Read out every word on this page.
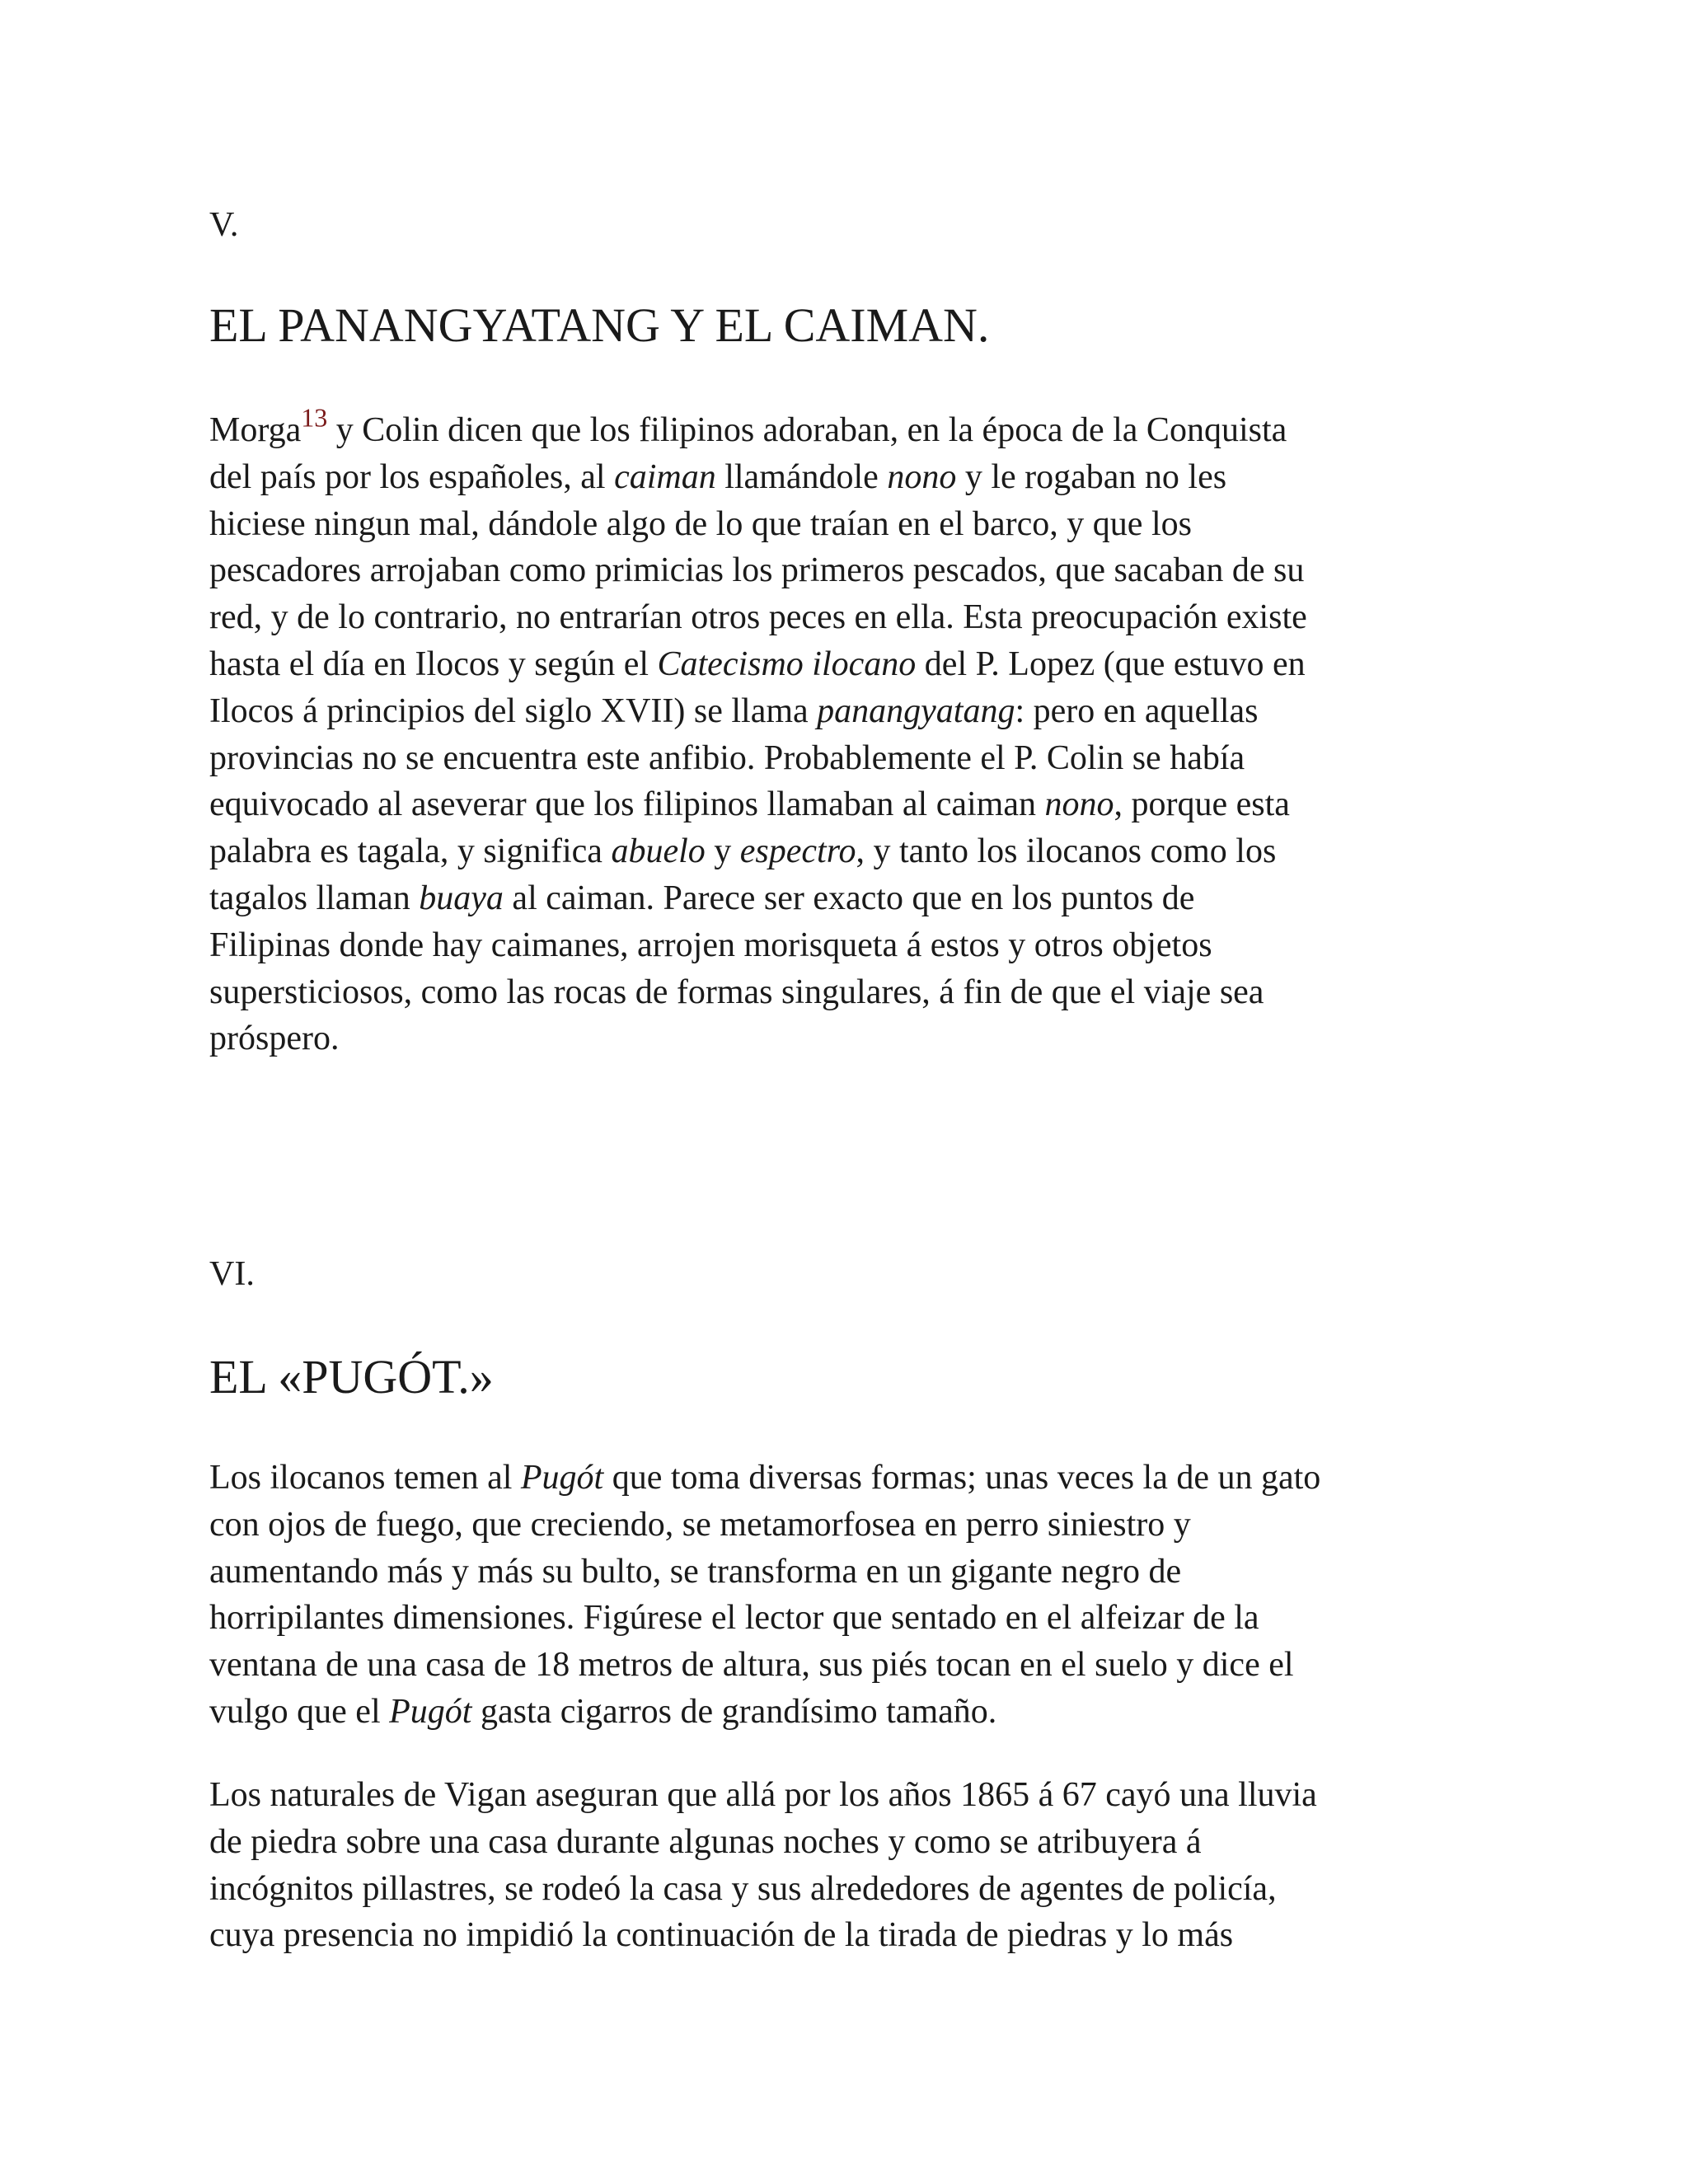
V.
EL PANANGYATANG Y EL CAIMAN.
Morga$^{13}$ y Colin dicen que los filipinos adoraban, en la época de la Conquista
del país por los españoles, al caiman llamándole nono y le rogaban no les
hiciese ningun mal, dándole algo de lo que traían en el barco, y que los
pescadores arrojaban como primicias los primeros pescados, que sacaban de su
red, y de lo contrario, no entrarían otros peces en ella. Esta preocupación existe
hasta el día en Ilocos y según el Catecismo ilocano del P. Lopez (que estuvo en
Ilocos á principios del siglo XVII) se llama panangyatang: pero en aquellas
provincias no se encuentra este anfibio. Probablemente el P. Colin se había
equivocado al aseverar que los filipinos llamaban al caiman nono, porque esta
palabra es tagala, y significa abuelo y espectro, y tanto los ilocanos como los
tagalos llaman buaya al caiman. Parece ser exacto que en los puntos de
Filipinas donde hay caimanes, arrojen morisqueta á estos y otros objetos
supersticiosos, como las rocas de formas singulares, á fin de que el viaje sea
próspero.
VI.
EL «PUGÓT.»
Los ilocanos temen al Pugót que toma diversas formas; unas veces la de un gato
con ojos de fuego, que creciendo, se metamorfosea en perro siniestro y
aumentando más y más su bulto, se transforma en un gigante negro de
horripilantes dimensiones. Figúrese el lector que sentado en el alfeizar de la
ventana de una casa de 18 metros de altura, sus piés tocan en el suelo y dice el
vulgo que el Pugót gasta cigarros de grandísimo tamaño.
Los naturales de Vigan aseguran que allá por los años 1865 á 67 cayó una lluvia
de piedra sobre una casa durante algunas noches y como se atribuyera á
incógnitos pillastres, se rodeó la casa y sus alrededores de agentes de policía,
cuya presencia no impidió la continuación de la tirada de piedras y lo más
